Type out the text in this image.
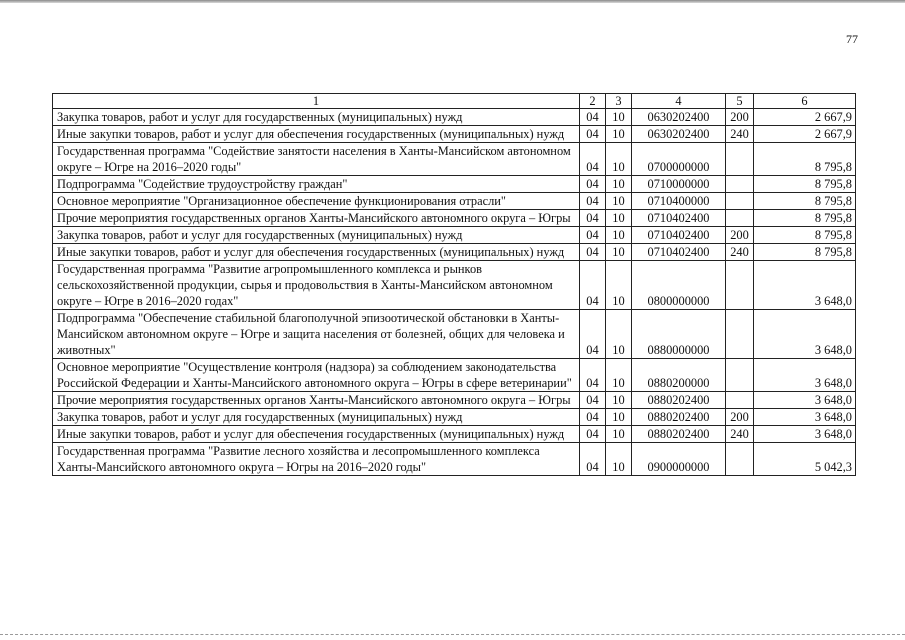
77
1	2	3	4	5	6
Закупка товаров, работ и услуг для государственных (муниципальных) нужд	04	10	0630202400	200	2 667,9
Иные закупки товаров, работ и услуг для обеспечения государственных (муниципальных) нужд	04	10	0630202400	240	2 667,9
Государственная программа "Содействие занятости населения в Ханты-Мансийском автономном округе – Югре на 2016–2020 годы"	04	10	0700000000		8 795,8
Подпрограмма "Содействие трудоустройству граждан"	04	10	0710000000		8 795,8
Основное мероприятие "Организационное обеспечение функционирования отрасли"	04	10	0710400000		8 795,8
Прочие мероприятия государственных органов Ханты-Мансийского автономного округа – Югры	04	10	0710402400		8 795,8
Закупка товаров, работ и услуг для государственных (муниципальных) нужд	04	10	0710402400	200	8 795,8
Иные закупки товаров, работ и услуг для обеспечения государственных (муниципальных) нужд	04	10	0710402400	240	8 795,8
Государственная программа "Развитие агропромышленного комплекса и рынков сельскохозяйственной продукции, сырья и продовольствия в Ханты-Мансийском автономном округе – Югре в 2016–2020 годах"	04	10	0800000000		3 648,0
Подпрограмма "Обеспечение стабильной благополучной эпизоотической обстановки в Ханты-Мансийском автономном округе – Югре и защита населения от болезней, общих для человека и животных"	04	10	0880000000		3 648,0
Основное мероприятие "Осуществление контроля (надзора) за соблюдением законодательства Российской Федерации и Ханты-Мансийского автономного округа – Югры в сфере ветеринарии"	04	10	0880200000		3 648,0
Прочие мероприятия государственных органов Ханты-Мансийского автономного округа – Югры	04	10	0880202400		3 648,0
Закупка товаров, работ и услуг для государственных (муниципальных) нужд	04	10	0880202400	200	3 648,0
Иные закупки товаров, работ и услуг для обеспечения государственных (муниципальных) нужд	04	10	0880202400	240	3 648,0
Государственная программа "Развитие лесного хозяйства и лесопромышленного комплекса Ханты-Мансийского автономного округа – Югры на 2016–2020 годы"	04	10	0900000000		5 042,3
